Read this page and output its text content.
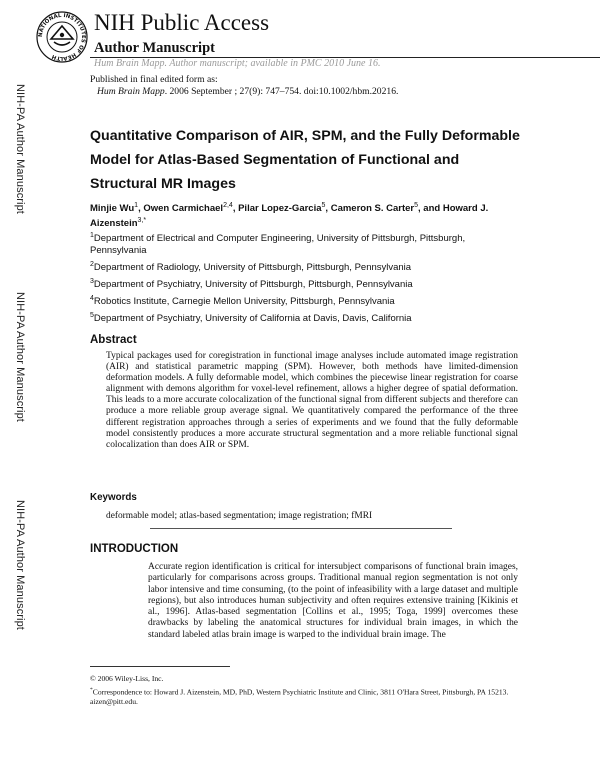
NATIONAL INSTITUTES OF HEALTH
NIH Public Access
Author Manuscript
Hum Brain Mapp. Author manuscript; available in PMC 2010 June 16.
Published in final edited form as:
Hum Brain Mapp. 2006 September ; 27(9): 747–754. doi:10.1002/hbm.20216.
NIH-PA Author Manuscript
NIH-PA Author Manuscript
NIH-PA Author Manuscript
Quantitative Comparison of AIR, SPM, and the Fully Deformable Model for Atlas-Based Segmentation of Functional and Structural MR Images
Minjie Wu$^1$, Owen Carmichael$^{2,4}$, Pilar Lopez-Garcia$^5$, Cameron S. Carter$^5$, and Howard J. Aizenstein$^{3,*}$
$^1$Department of Electrical and Computer Engineering, University of Pittsburgh, Pittsburgh, Pennsylvania
$^2$Department of Radiology, University of Pittsburgh, Pittsburgh, Pennsylvania
$^3$Department of Psychiatry, University of Pittsburgh, Pittsburgh, Pennsylvania
$^4$Robotics Institute, Carnegie Mellon University, Pittsburgh, Pennsylvania
$^5$Department of Psychiatry, University of California at Davis, Davis, California
Abstract
Typical packages used for coregistration in functional image analyses include automated image registration (AIR) and statistical parametric mapping (SPM). However, both methods have limited-dimension deformation models. A fully deformable model, which combines the piecewise linear registration for coarse alignment with demons algorithm for voxel-level refinement, allows a higher degree of spatial deformation. This leads to a more accurate colocalization of the functional signal from different subjects and therefore can produce a more reliable group average signal. We quantitatively compared the performance of the three different registration approaches through a series of experiments and we found that the fully deformable model consistently produces a more accurate structural segmentation and a more reliable functional signal colocalization than does AIR or SPM.
Keywords
deformable model; atlas-based segmentation; image registration; fMRI
INTRODUCTION
Accurate region identification is critical for intersubject comparisons of functional brain images, particularly for comparisons across groups. Traditional manual region segmentation is not only labor intensive and time consuming, (to the point of infeasibility with a large dataset and multiple regions), but also introduces human subjectivity and often requires extensive training [Kikinis et al., 1996]. Atlas-based segmentation [Collins et al., 1995; Toga, 1999] overcomes these drawbacks by labeling the anatomical structures for individual brain images, in which the standard labeled atlas brain image is warped to the individual brain image. The
© 2006 Wiley-Liss, Inc.
*Correspondence to: Howard J. Aizenstein, MD, PhD, Western Psychiatric Institute and Clinic, 3811 O'Hara Street, Pittsburgh, PA 15213. aizen@pitt.edu.
